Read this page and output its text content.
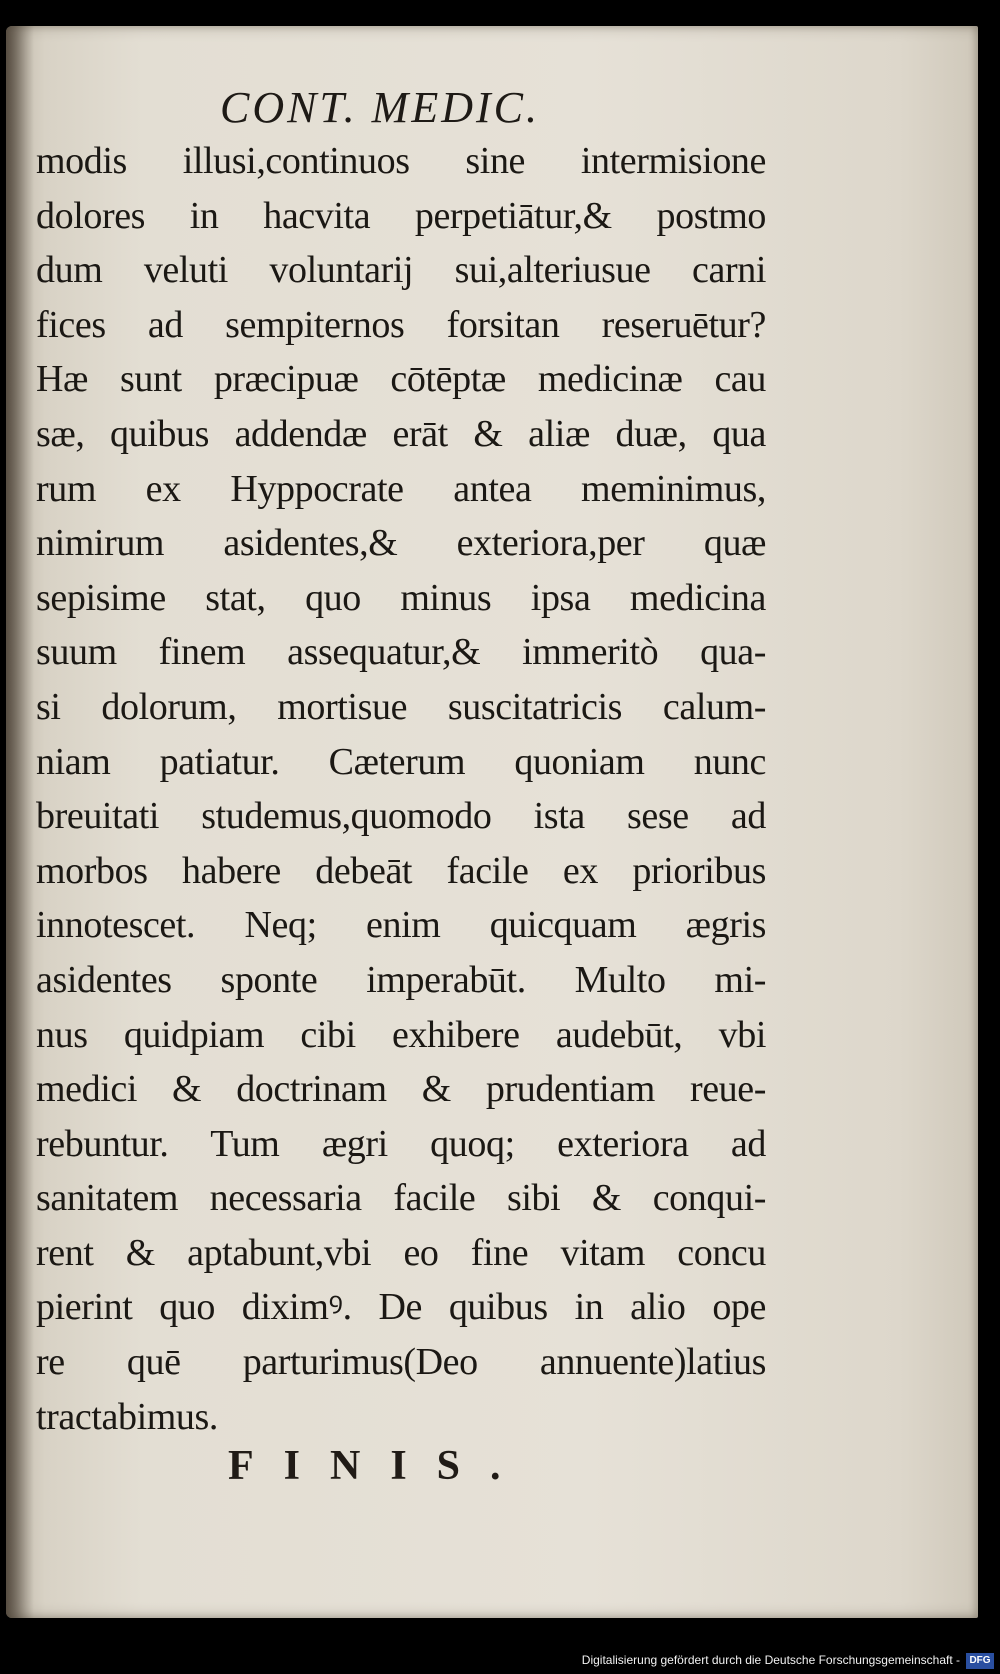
CONT. MEDIC.
modis illusi,continuos sine intermisione
dolores in hacvita perpetiātur,& postmo
dum veluti voluntarij sui,alteriusue carni
fices ad sempiternos forsitan reseruētur?
Hæ sunt præcipuæ cōtēptæ medicinæ cau
sæ, quibus addendæ erāt & aliæ duæ, qua
rum ex Hyppocrate antea meminimus,
nimirum asidentes,& exteriora,per quæ
sepisime stat, quo minus ipsa medicina
suum finem assequatur,& immeritò qua-
si dolorum, mortisue suscitatricis calum-
niam patiatur. Cæterum quoniam nunc
breuitati studemus,quomodo ista sese ad
morbos habere debeāt facile ex prioribus
innotescet. Neq; enim quicquam ægris
asidentes sponte imperabūt. Multo mi-
nus quidpiam cibi exhibere audebūt, vbi
medici & doctrinam & prudentiam reue-
rebuntur. Tum ægri quoq; exteriora ad
sanitatem necessaria facile sibi & conqui-
rent & aptabunt,vbi eo fine vitam concu
pierint quo diximꝰ. De quibus in alio ope
re quē parturimus(Deo annuente)latius
tractabimus.
FINIS.
Digitalisierung gefördert durch die Deutsche Forschungsgemeinschaft - DFG
